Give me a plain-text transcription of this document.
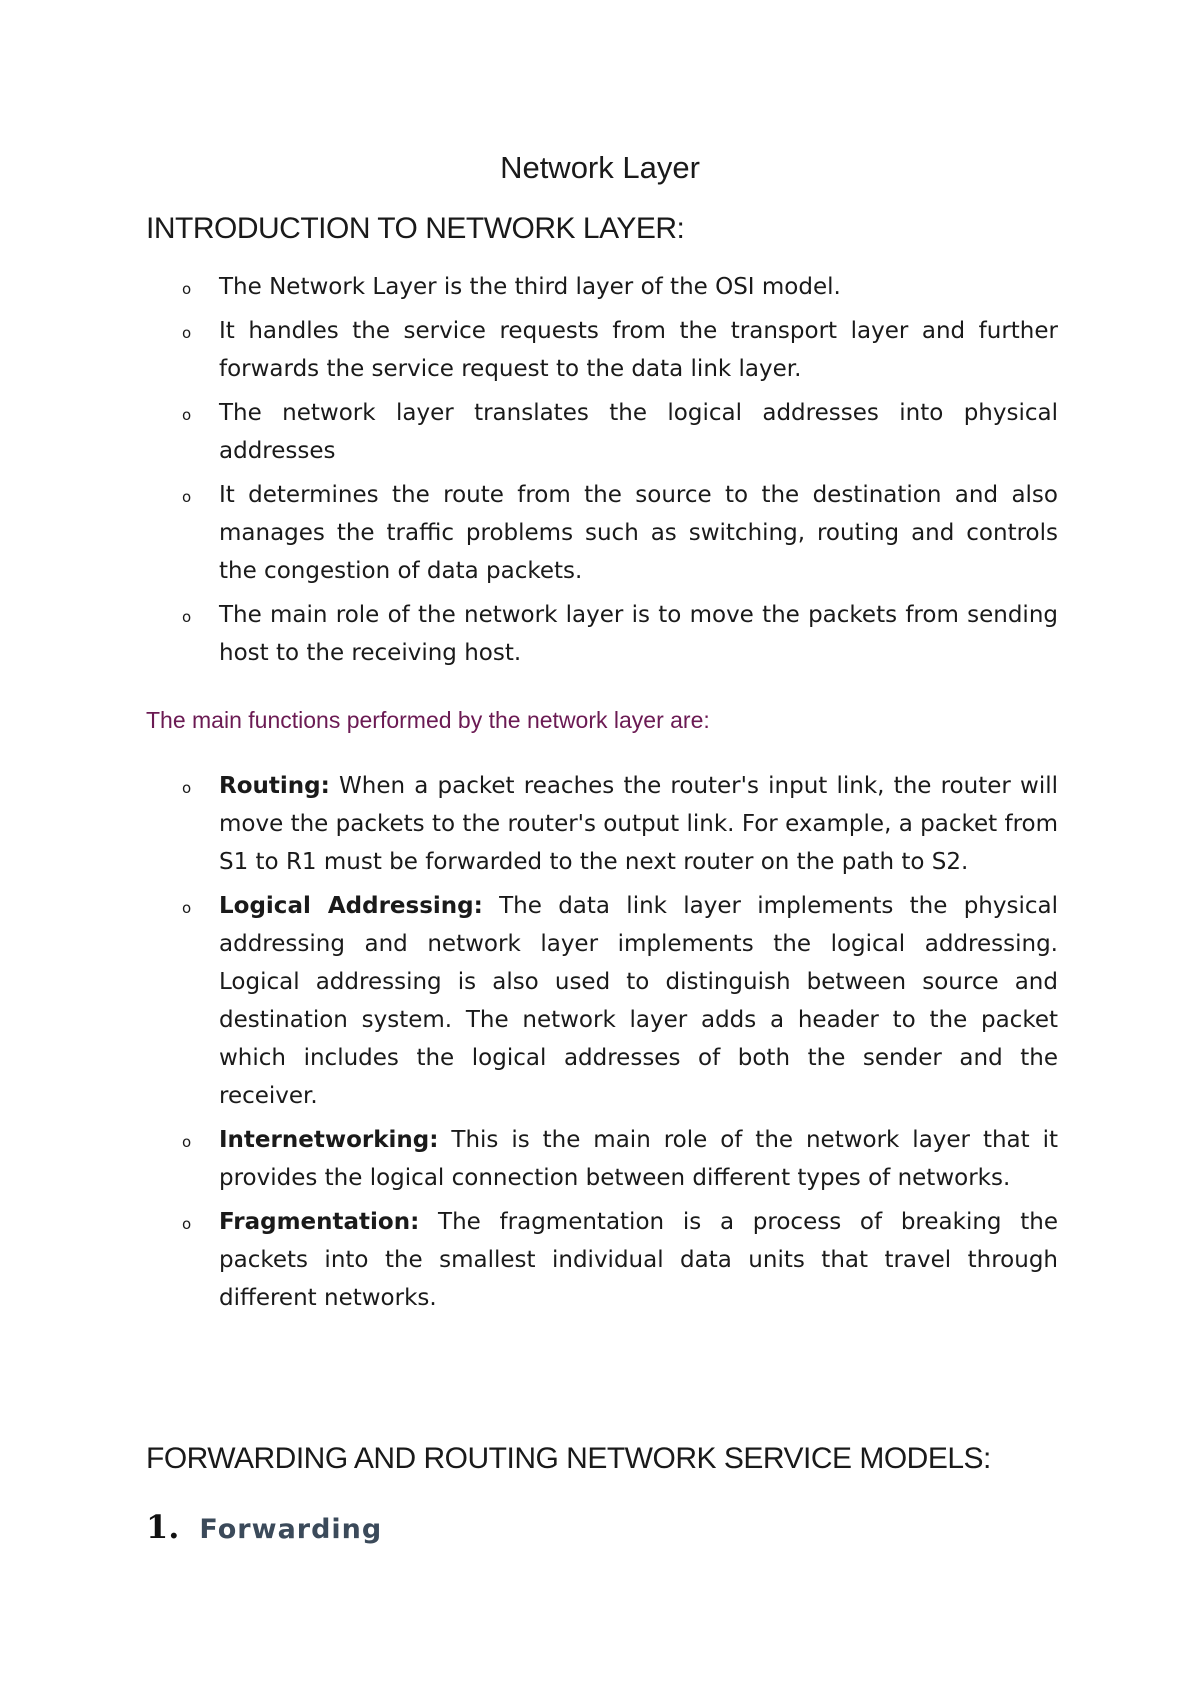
Network Layer
INTRODUCTION TO NETWORK LAYER:
o The Network Layer is the third layer of the OSI model.
o It handles the service requests from the transport layer and further forwards the service request to the data link layer.
o The network layer translates the logical addresses into physical addresses
o It determines the route from the source to the destination and also manages the traffic problems such as switching, routing and controls the congestion of data packets.
o The main role of the network layer is to move the packets from sending host to the receiving host.
The main functions performed by the network layer are:
o Routing: When a packet reaches the router's input link, the router will move the packets to the router's output link. For example, a packet from S1 to R1 must be forwarded to the next router on the path to S2.
o Logical Addressing: The data link layer implements the physical addressing and network layer implements the logical addressing. Logical addressing is also used to distinguish between source and destination system. The network layer adds a header to the packet which includes the logical addresses of both the sender and the receiver.
o Internetworking: This is the main role of the network layer that it provides the logical connection between different types of networks.
o Fragmentation: The fragmentation is a process of breaking the packets into the smallest individual data units that travel through different networks.
FORWARDING AND ROUTING NETWORK SERVICE MODELS:
1. Forwarding
